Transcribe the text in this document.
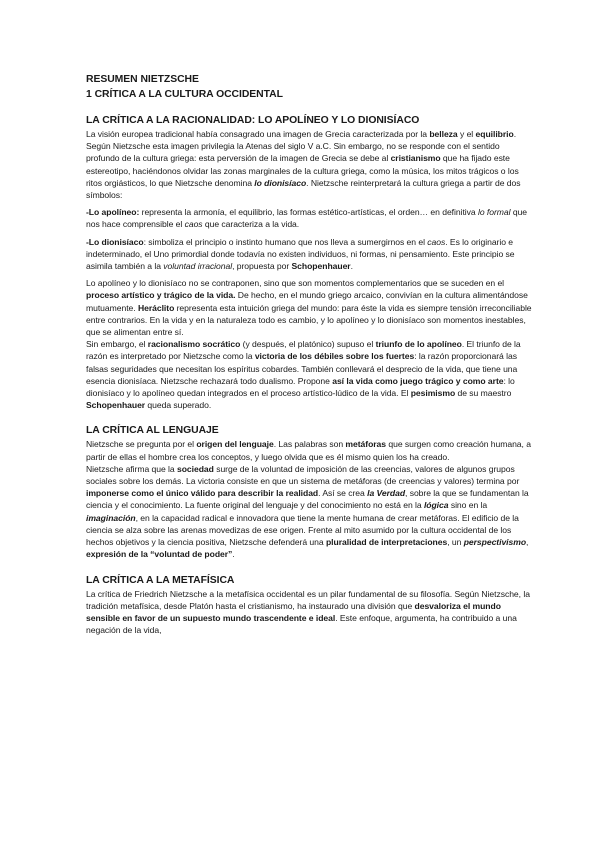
RESUMEN NIETZSCHE
1 CRÍTICA A LA CULTURA OCCIDENTAL
LA CRÍTICA A LA RACIONALIDAD: LO APOLÍNEO Y LO DIONISÍACO

La visión europea tradicional había consagrado una imagen de Grecia caracterizada por la belleza y el equilibrio. Según Nietzsche esta imagen privilegia la Atenas del siglo V a.C. Sin embargo, no se responde con el sentido profundo de la cultura griega: esta perversión de la imagen de Grecia se debe al cristianismo que ha fijado este estereotipo, haciéndonos olvidar las zonas marginales de la cultura griega, como la música, los mitos trágicos o los ritos orgiásticos, lo que Nietzsche denomina lo dionisíaco. Nietzsche reinterpretará la cultura griega a partir de dos símbolos:

-Lo apolíneo: representa la armonía, el equilibrio, las formas estético-artísticas, el orden… en definitiva lo formal que nos hace comprensible el caos que caracteriza a la vida.

-Lo dionisíaco: simboliza el principio o instinto humano que nos lleva a sumergirnos en el caos. Es lo originario e indeterminado, el Uno primordial donde todavía no existen individuos, ni formas, ni pensamiento. Este principio se asimila también a la voluntad irracional, propuesta por Schopenhauer.

Lo apolíneo y lo dionisíaco no se contraponen, sino que son momentos complementarios que se suceden en el proceso artístico y trágico de la vida. De hecho, en el mundo griego arcaico, convivían en la cultura alimentándose mutuamente. Heráclito representa esta intuición griega del mundo: para éste la vida es siempre tensión irreconciliable entre contrarios. En la vida y en la naturaleza todo es cambio, y lo apolíneo y lo dionisíaco son momentos inestables, que se alimentan entre sí.

Sin embargo, el racionalismo socrático (y después, el platónico) supuso el triunfo de lo apolíneo. El triunfo de la razón es interpretado por Nietzsche como la victoria de los débiles sobre los fuertes: la razón proporcionará las falsas seguridades que necesitan los espíritus cobardes. También conllevará el desprecio de la vida, que tiene una esencia dionisíaca. Nietzsche rechazará todo dualismo. Propone así la vida como juego trágico y como arte: lo dionisíaco y lo apolíneo quedan integrados en el proceso artístico-lúdico de la vida. El pesimismo de su maestro Schopenhauer queda superado.

LA CRÍTICA AL LENGUAJE

Nietzsche se pregunta por el origen del lenguaje. Las palabras son metáforas que surgen como creación humana, a partir de ellas el hombre crea los conceptos, y luego olvida que es él mismo quien los ha creado.

Nietzsche afirma que la sociedad surge de la voluntad de imposición de las creencias, valores de algunos grupos sociales sobre los demás. La victoria consiste en que un sistema de metáforas (de creencias y valores) termina por imponerse como el único válido para describir la realidad. Así se crea la Verdad, sobre la que se fundamentan la ciencia y el conocimiento. La fuente original del lenguaje y del conocimiento no está en la lógica sino en la imaginación, en la capacidad radical e innovadora que tiene la mente humana de crear metáforas. El edificio de la ciencia se alza sobre las arenas movedizas de ese origen. Frente al mito asumido por la cultura occidental de los hechos objetivos y la ciencia positiva, Nietzsche defenderá una pluralidad de interpretaciones, un perspectivismo, expresión de la “voluntad de poder”.

LA CRÍTICA A LA METAFÍSICA

La crítica de Friedrich Nietzsche a la metafísica occidental es un pilar fundamental de su filosofía. Según Nietzsche, la tradición metafísica, desde Platón hasta el cristianismo, ha instaurado una división que desvaloriza el mundo sensible en favor de un supuesto mundo trascendente e ideal. Este enfoque, argumenta, ha contribuido a una negación de la vida,
